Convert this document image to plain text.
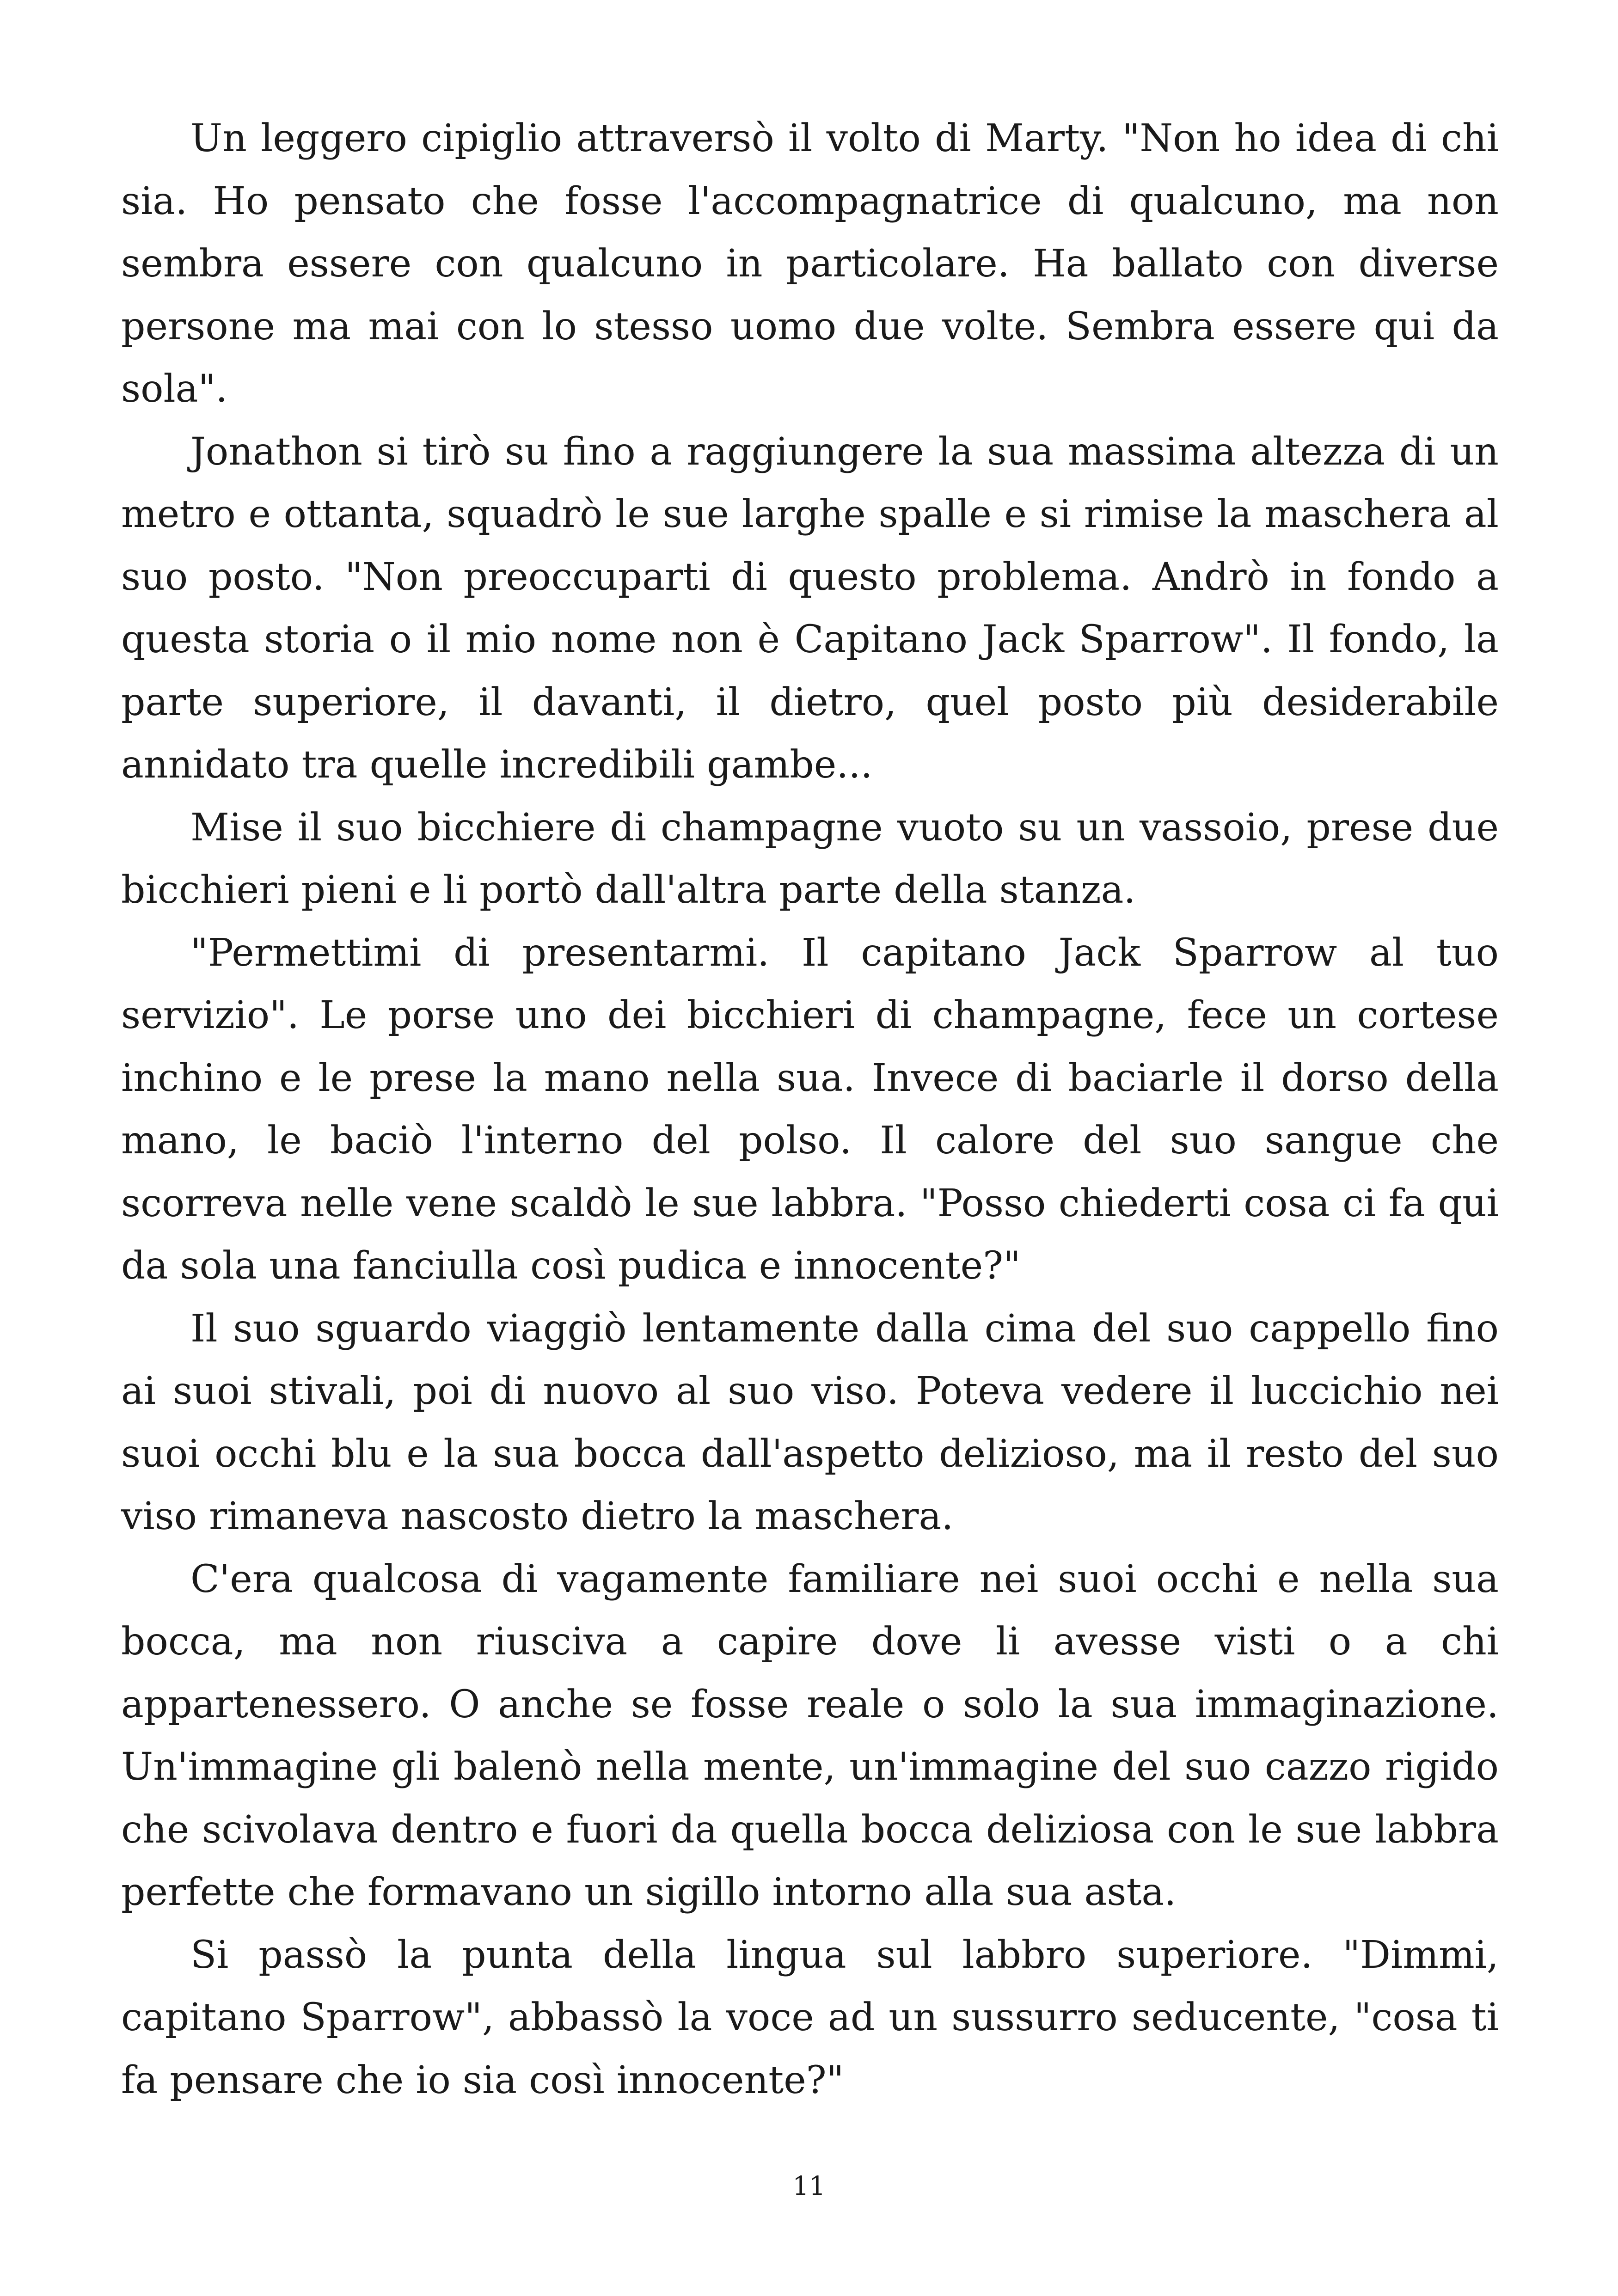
Un leggero cipiglio attraversò il volto di Marty. "Non ho idea di chi sia. Ho pensato che fosse l'accompagnatrice di qualcuno, ma non sembra essere con qualcuno in particolare. Ha ballato con diverse persone ma mai con lo stesso uomo due volte. Sembra essere qui da sola".

Jonathon si tirò su fino a raggiungere la sua massima altezza di un metro e ottanta, squadrò le sue larghe spalle e si rimise la maschera al suo posto. "Non preoccuparti di questo problema. Andrò in fondo a questa storia o il mio nome non è Capitano Jack Sparrow". Il fondo, la parte superiore, il davanti, il dietro, quel posto più desiderabile annidato tra quelle incredibili gambe...

Mise il suo bicchiere di champagne vuoto su un vassoio, prese due bicchieri pieni e li portò dall'altra parte della stanza.

"Permettimi di presentarmi. Il capitano Jack Sparrow al tuo servizio". Le porse uno dei bicchieri di champagne, fece un cortese inchino e le prese la mano nella sua. Invece di baciarle il dorso della mano, le baciò l'interno del polso. Il calore del suo sangue che scorreva nelle vene scaldò le sue labbra. "Posso chiederti cosa ci fa qui da sola una fanciulla così pudica e innocente?"

Il suo sguardo viaggiò lentamente dalla cima del suo cappello fino ai suoi stivali, poi di nuovo al suo viso. Poteva vedere il luccichio nei suoi occhi blu e la sua bocca dall'aspetto delizioso, ma il resto del suo viso rimaneva nascosto dietro la maschera.

C'era qualcosa di vagamente familiare nei suoi occhi e nella sua bocca, ma non riusciva a capire dove li avesse visti o a chi appartenessero. O anche se fosse reale o solo la sua immaginazione. Un'immagine gli balenò nella mente, un'immagine del suo cazzo rigido che scivolava dentro e fuori da quella bocca deliziosa con le sue labbra perfette che formavano un sigillo intorno alla sua asta.

Si passò la punta della lingua sul labbro superiore. "Dimmi, capitano Sparrow", abbassò la voce ad un sussurro seducente, "cosa ti fa pensare che io sia così innocente?"

11
